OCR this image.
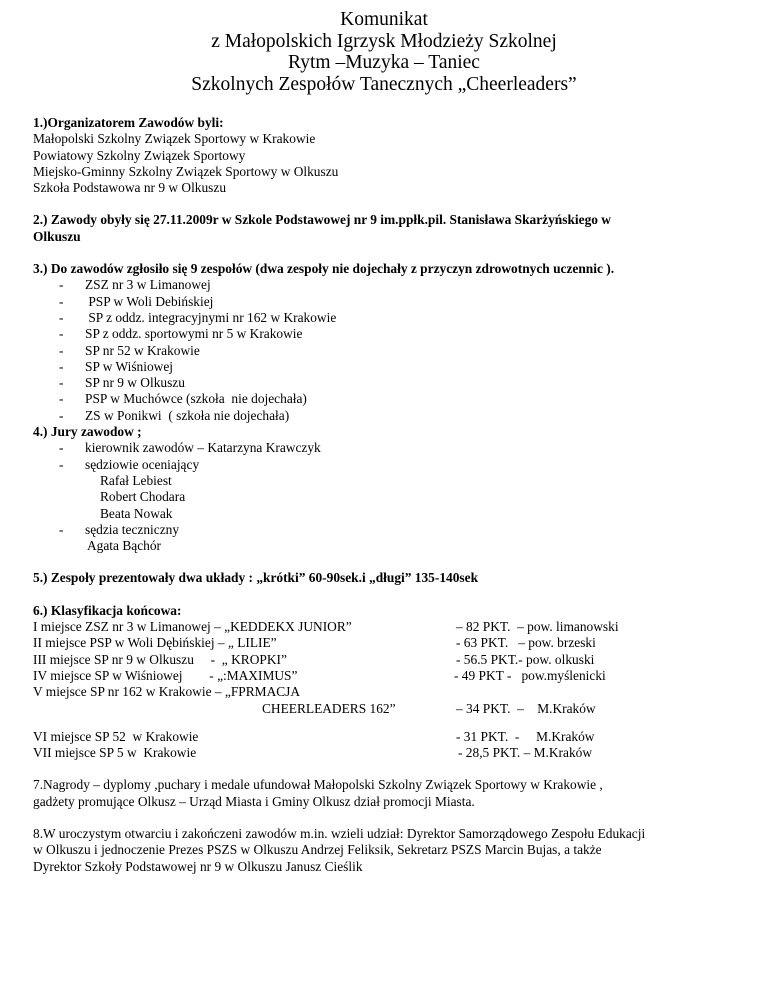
Komunikat
z Małopolskich Igrzysk Młodzieży Szkolnej
Rytm –Muzyka – Taniec
Szkolnych Zespołów Tanecznych „Cheerleaders”
1.)Organizatorem Zawodów byli:
Małopolski Szkolny Związek Sportowy w Krakowie
Powiatowy Szkolny Związek Sportowy
Miejsko-Gminny Szkolny Związek Sportowy w Olkuszu
Szkoła Podstawowa nr 9 w Olkuszu
2.) Zawody obyły się 27.11.2009r w Szkole Podstawowej nr 9 im.ppłk.pil. Stanisława Skarżyńskiego w
Olkuszu
3.) Do zawodów zgłosiło się 9 zespołów (dwa zespoły nie dojechały z przyczyn zdrowotnych uczennic ).
- ZSZ nr 3 w Limanowej
- PSP w Woli Debińskiej
- SP z oddz. integracyjnymi nr 162 w Krakowie
- SP z oddz. sportowymi nr 5 w Krakowie
- SP nr 52 w Krakowie
- SP w Wiśniowej
- SP nr 9 w Olkuszu
- PSP w Muchówce (szkoła  nie dojechała)
- ZS w Ponikwi  ( szkoła nie dojechała)
4.) Jury zawodow ;
- kierownik zawodów – Katarzyna Krawczyk
- sędziowie oceniający
Rafał Lebiest
Robert Chodara
Beata Nowak
- sędzia teczniczny
Agata Bąchór
5.) Zespoły prezentowały dwa układy : „krótki” 60-90sek.i „długi” 135-140sek
6.) Klasyfikacja końcowa:
I miejsce ZSZ nr 3 w Limanowej – „KEDDEKX JUNIOR”	– 82 PKT.  – pow. limanowski
II miejsce PSP w Woli Dębińskiej – „ LILIE”	- 63 PKT.   – pow. brzeski
III miejsce SP nr 9 w Olkuszu     -  „ KROPKI”	- 56.5 PKT.- pow. olkuski
IV miejsce SP w Wiśniowej        - „:MAXIMUS”	- 49 PKT -   pow.myślenicki
V miejsce SP nr 162 w Krakowie – „FPRMACJA
CHEERLEADERS 162”	– 34 PKT.  –    M.Kraków
VI miejsce SP 52  w Krakowie	- 31 PKT.  -     M.Kraków
VII miejsce SP 5 w  Krakowie	- 28,5 PKT. – M.Kraków
7.Nagrody – dyplomy ,puchary i medale ufundował Małopolski Szkolny Związek Sportowy w Krakowie ,
gadżety promujące Olkusz – Urząd Miasta i Gminy Olkusz dział promocji Miasta.
8.W uroczystym otwarciu i zakończeni zawodów m.in. wzieli udział: Dyrektor Samorządowego Zespołu Edukacji
w Olkuszu i jednoczenie Prezes PSZS w Olkuszu Andrzej Feliksik, Sekretarz PSZS Marcin Bujas, a także
Dyrektor Szkoły Podstawowej nr 9 w Olkuszu Janusz Cieślik
